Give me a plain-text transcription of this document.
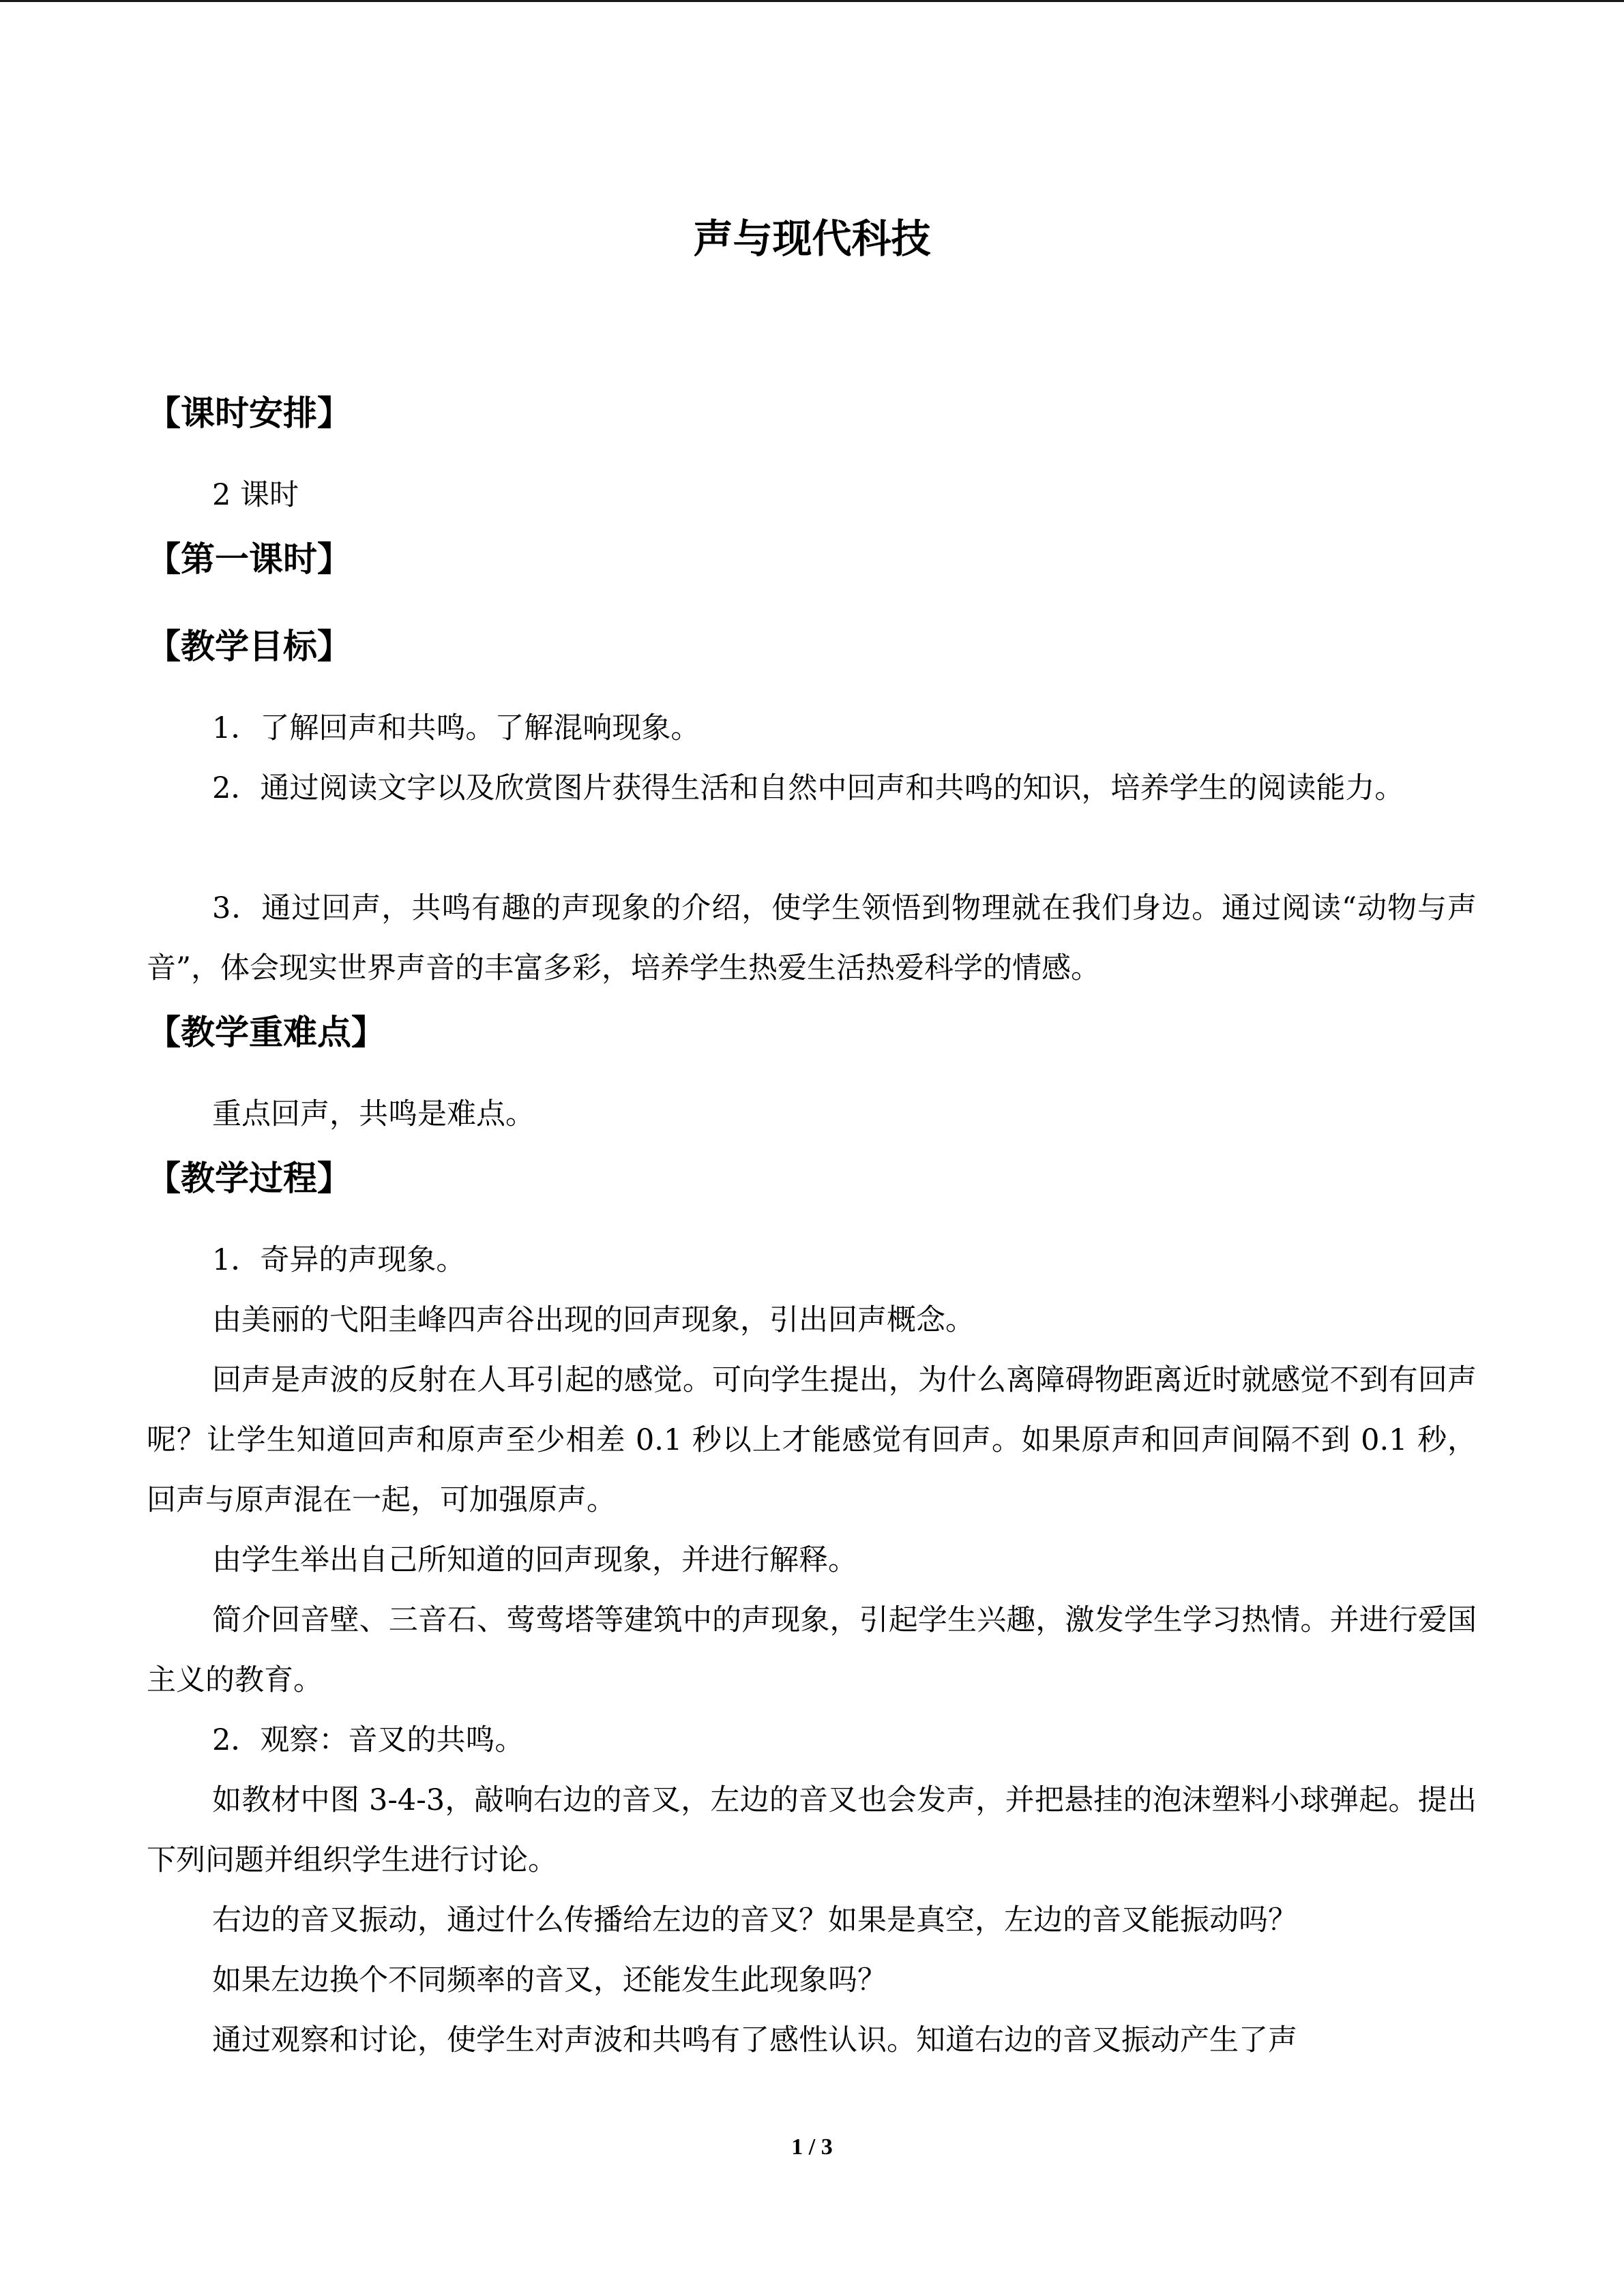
声与现代科技
【课时安排】
2 课时
【第一课时】
【教学目标】
1．了解回声和共鸣。了解混响现象。
2．通过阅读文字以及欣赏图片获得生活和自然中回声和共鸣的知识，培养学生的阅读能力。
3．通过回声，共鸣有趣的声现象的介绍，使学生领悟到物理就在我们身边。通过阅读“动物与声音”，体会现实世界声音的丰富多彩，培养学生热爱生活热爱科学的情感。
【教学重难点】
重点回声，共鸣是难点。
【教学过程】
1．奇异的声现象。
由美丽的弋阳圭峰四声谷出现的回声现象，引出回声概念。
回声是声波的反射在人耳引起的感觉。可向学生提出，为什么离障碍物距离近时就感觉不到有回声呢？让学生知道回声和原声至少相差 0.1 秒以上才能感觉有回声。如果原声和回声间隔不到 0.1 秒，回声与原声混在一起，可加强原声。
由学生举出自己所知道的回声现象，并进行解释。
简介回音壁、三音石、莺莺塔等建筑中的声现象，引起学生兴趣，激发学生学习热情。并进行爱国主义的教育。
2．观察：音叉的共鸣。
如教材中图 3-4-3，敲响右边的音叉，左边的音叉也会发声，并把悬挂的泡沫塑料小球弹起。提出下列问题并组织学生进行讨论。
右边的音叉振动，通过什么传播给左边的音叉？如果是真空，左边的音叉能振动吗？
如果左边换个不同频率的音叉，还能发生此现象吗？
通过观察和讨论，使学生对声波和共鸣有了感性认识。知道右边的音叉振动产生了声
1 / 3
